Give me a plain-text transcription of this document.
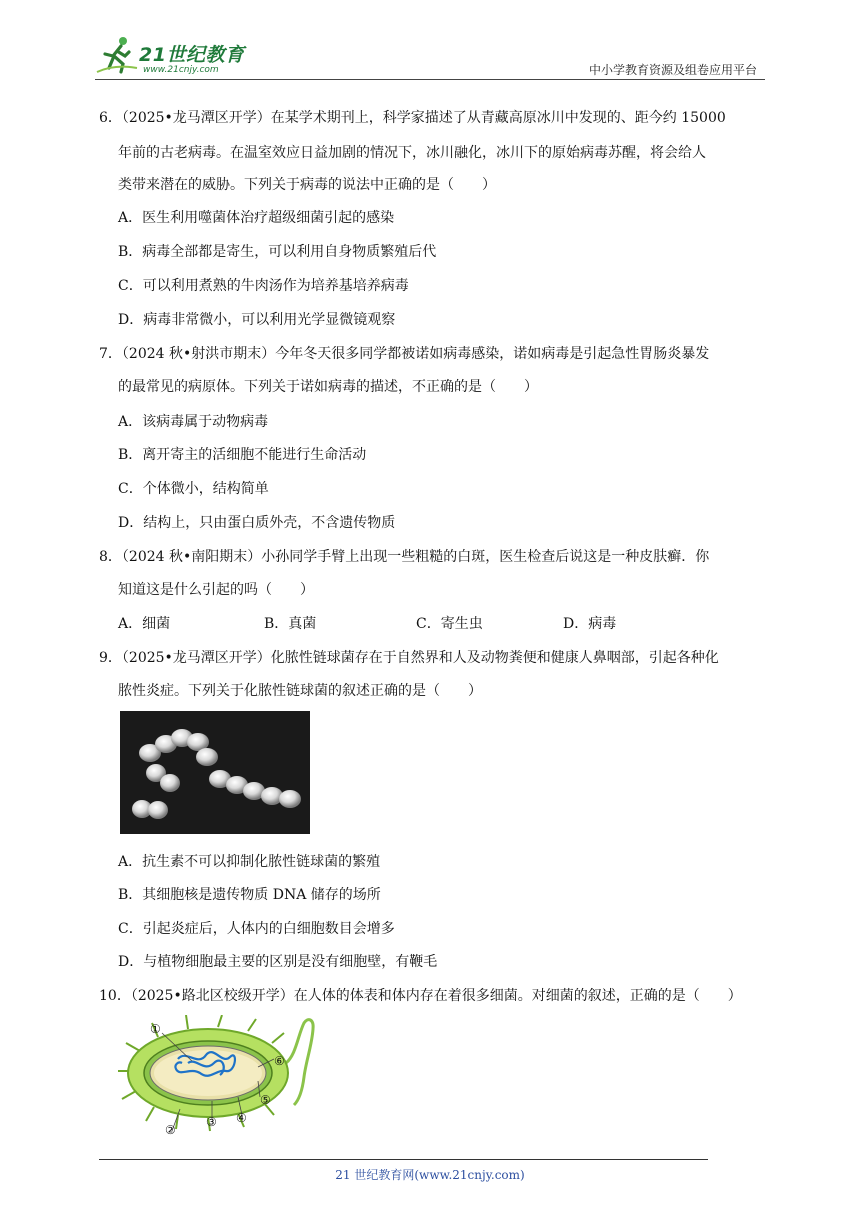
21世纪教育
www.21cnjy.com	中小学教育资源及组卷应用平台
6．（2025•龙马潭区开学）在某学术期刊上，科学家描述了从青藏高原冰川中发现的、距今约 15000
年前的古老病毒。在温室效应日益加剧的情况下，冰川融化，冰川下的原始病毒苏醒，将会给人
类带来潜在的威胁。下列关于病毒的说法中正确的是（　　）
A．医生利用噬菌体治疗超级细菌引起的感染
B．病毒全部都是寄生，可以利用自身物质繁殖后代
C．可以利用煮熟的牛肉汤作为培养基培养病毒
D．病毒非常微小，可以利用光学显微镜观察
7．（2024 秋•射洪市期末）今年冬天很多同学都被诺如病毒感染，诺如病毒是引起急性胃肠炎暴发
的最常见的病原体。下列关于诺如病毒的描述，不正确的是（　　）
A．该病毒属于动物病毒
B．离开寄主的活细胞不能进行生命活动
C．个体微小，结构简单
D．结构上，只由蛋白质外壳，不含遗传物质
8．（2024 秋•南阳期末）小孙同学手臂上出现一些粗糙的白斑，医生检查后说这是一种皮肤癣．你
知道这是什么引起的吗（　　）
A．细菌	B．真菌	C．寄生虫	D．病毒
9．（2025•龙马潭区开学）化脓性链球菌存在于自然界和人及动物粪便和健康人鼻咽部，引起各种化
脓性炎症。下列关于化脓性链球菌的叙述正确的是（　　）
A．抗生素不可以抑制化脓性链球菌的繁殖
B．其细胞核是遗传物质 DNA 储存的场所
C．引起炎症后，人体内的白细胞数目会增多
D．与植物细胞最主要的区别是没有细胞壁，有鞭毛
10．（2025•路北区校级开学）在人体的体表和体内存在着很多细菌。对细菌的叙述，正确的是（　　）
①
②
③ ④
⑤
⑥
21 世纪教育网(www.21cnjy.com)
